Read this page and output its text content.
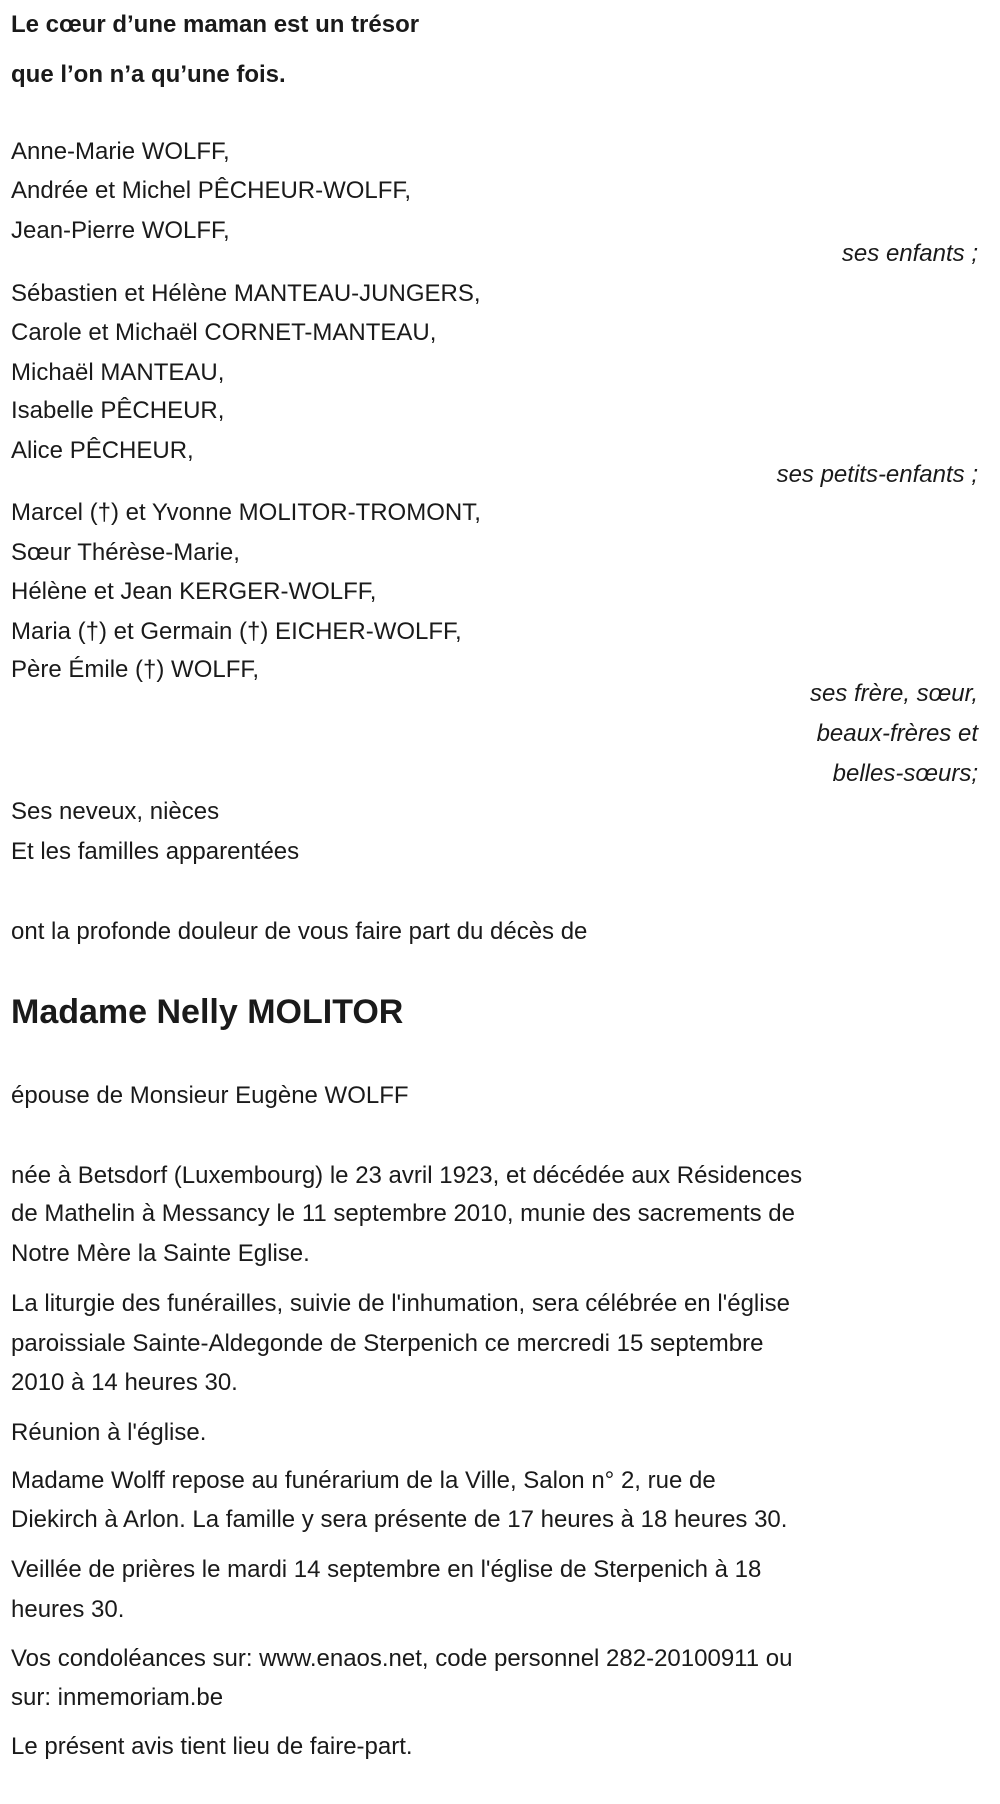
Le cœur d’une maman est un trésor
que l’on n’a qu’une fois.
Anne-Marie WOLFF,
Andrée et Michel PÊCHEUR-WOLFF,
Jean-Pierre WOLFF,
ses enfants ;
Sébastien et Hélène MANTEAU-JUNGERS,
Carole et Michaël CORNET-MANTEAU,
Michaël MANTEAU,
Isabelle PÊCHEUR,
Alice PÊCHEUR,
ses petits-enfants ;
Marcel (†) et Yvonne MOLITOR-TROMONT,
Sœur Thérèse-Marie,
Hélène et Jean KERGER-WOLFF,
Maria (†) et Germain (†) EICHER-WOLFF,
Père Émile (†) WOLFF,
ses frère, sœur,
beaux-frères et
belles-sœurs;
Ses neveux, nièces
Et les familles apparentées
ont la profonde douleur de vous faire part du décès de
Madame Nelly MOLITOR
épouse de Monsieur Eugène WOLFF
née à Betsdorf (Luxembourg) le 23 avril 1923, et décédée aux Résidences
de Mathelin à Messancy le 11 septembre 2010, munie des sacrements de
Notre Mère la Sainte Eglise.
La liturgie des funérailles, suivie de l'inhumation, sera célébrée en l'église
paroissiale Sainte-Aldegonde de Sterpenich ce mercredi 15 septembre
2010 à 14 heures 30.
Réunion à l'église.
Madame Wolff repose au funérarium de la Ville, Salon n° 2, rue de
Diekirch à Arlon. La famille y sera présente de 17 heures à 18 heures 30.
Veillée de prières le mardi 14 septembre en l'église de Sterpenich à 18
heures 30.
Vos condoléances sur: www.enaos.net, code personnel 282-20100911 ou
sur: inmemoriam.be
Le présent avis tient lieu de faire-part.
